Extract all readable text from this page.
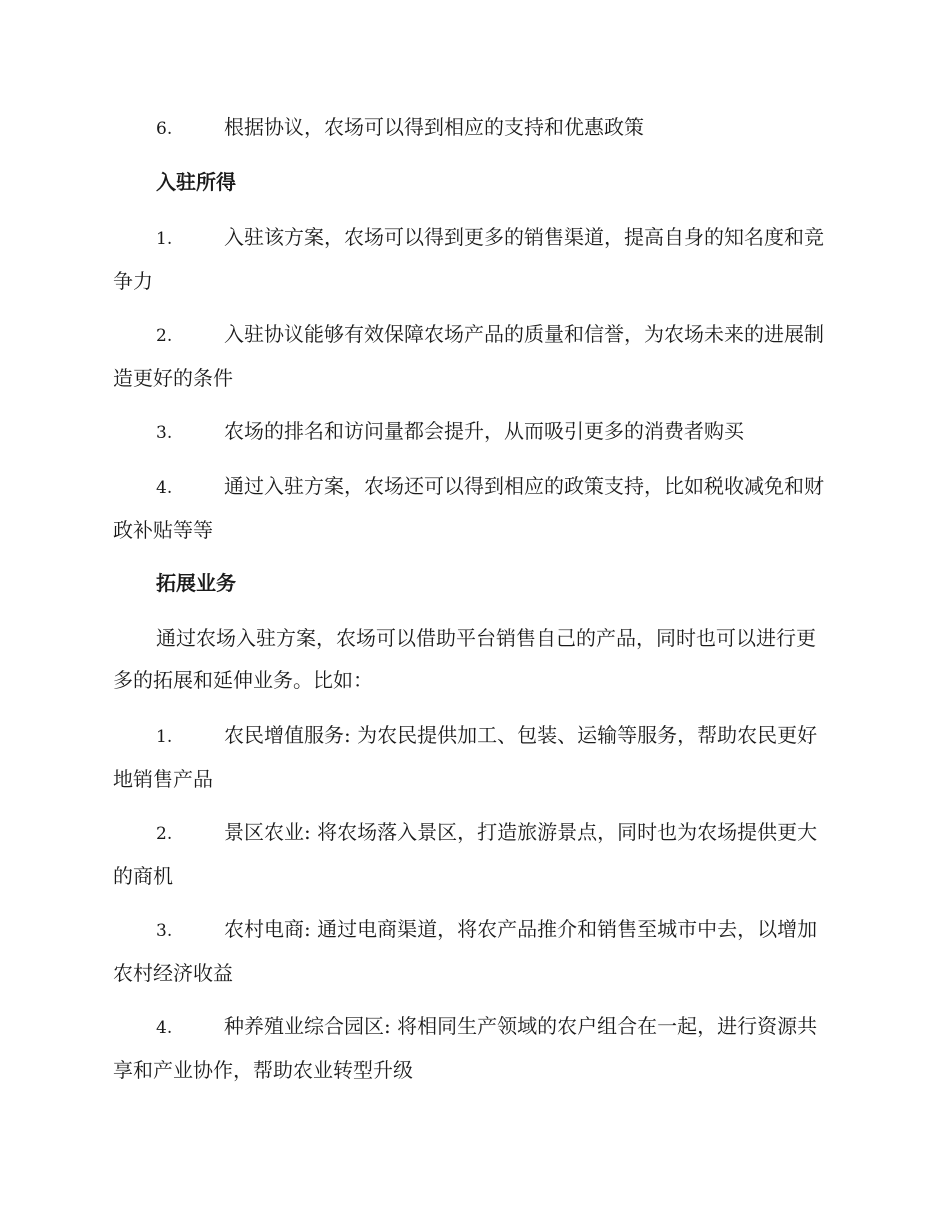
6.	根据协议，农场可以得到相应的支持和优惠政策
入驻所得
1.	入驻该方案，农场可以得到更多的销售渠道，提高自身的知名度和竞争力
2.	入驻协议能够有效保障农场产品的质量和信誉，为农场未来的进展制造更好的条件
3.	农场的排名和访问量都会提升，从而吸引更多的消费者购买
4.	通过入驻方案，农场还可以得到相应的政策支持，比如税收减免和财政补贴等等
拓展业务
通过农场入驻方案，农场可以借助平台销售自己的产品，同时也可以进行更多的拓展和延伸业务。比如：
1.	农民增值服务: 为农民提供加工、包装、运输等服务，帮助农民更好地销售产品
2.	景区农业: 将农场落入景区，打造旅游景点，同时也为农场提供更大的商机
3.	农村电商: 通过电商渠道，将农产品推介和销售至城市中去，以增加农村经济收益
4.	种养殖业综合园区: 将相同生产领域的农户组合在一起，进行资源共享和产业协作，帮助农业转型升级
